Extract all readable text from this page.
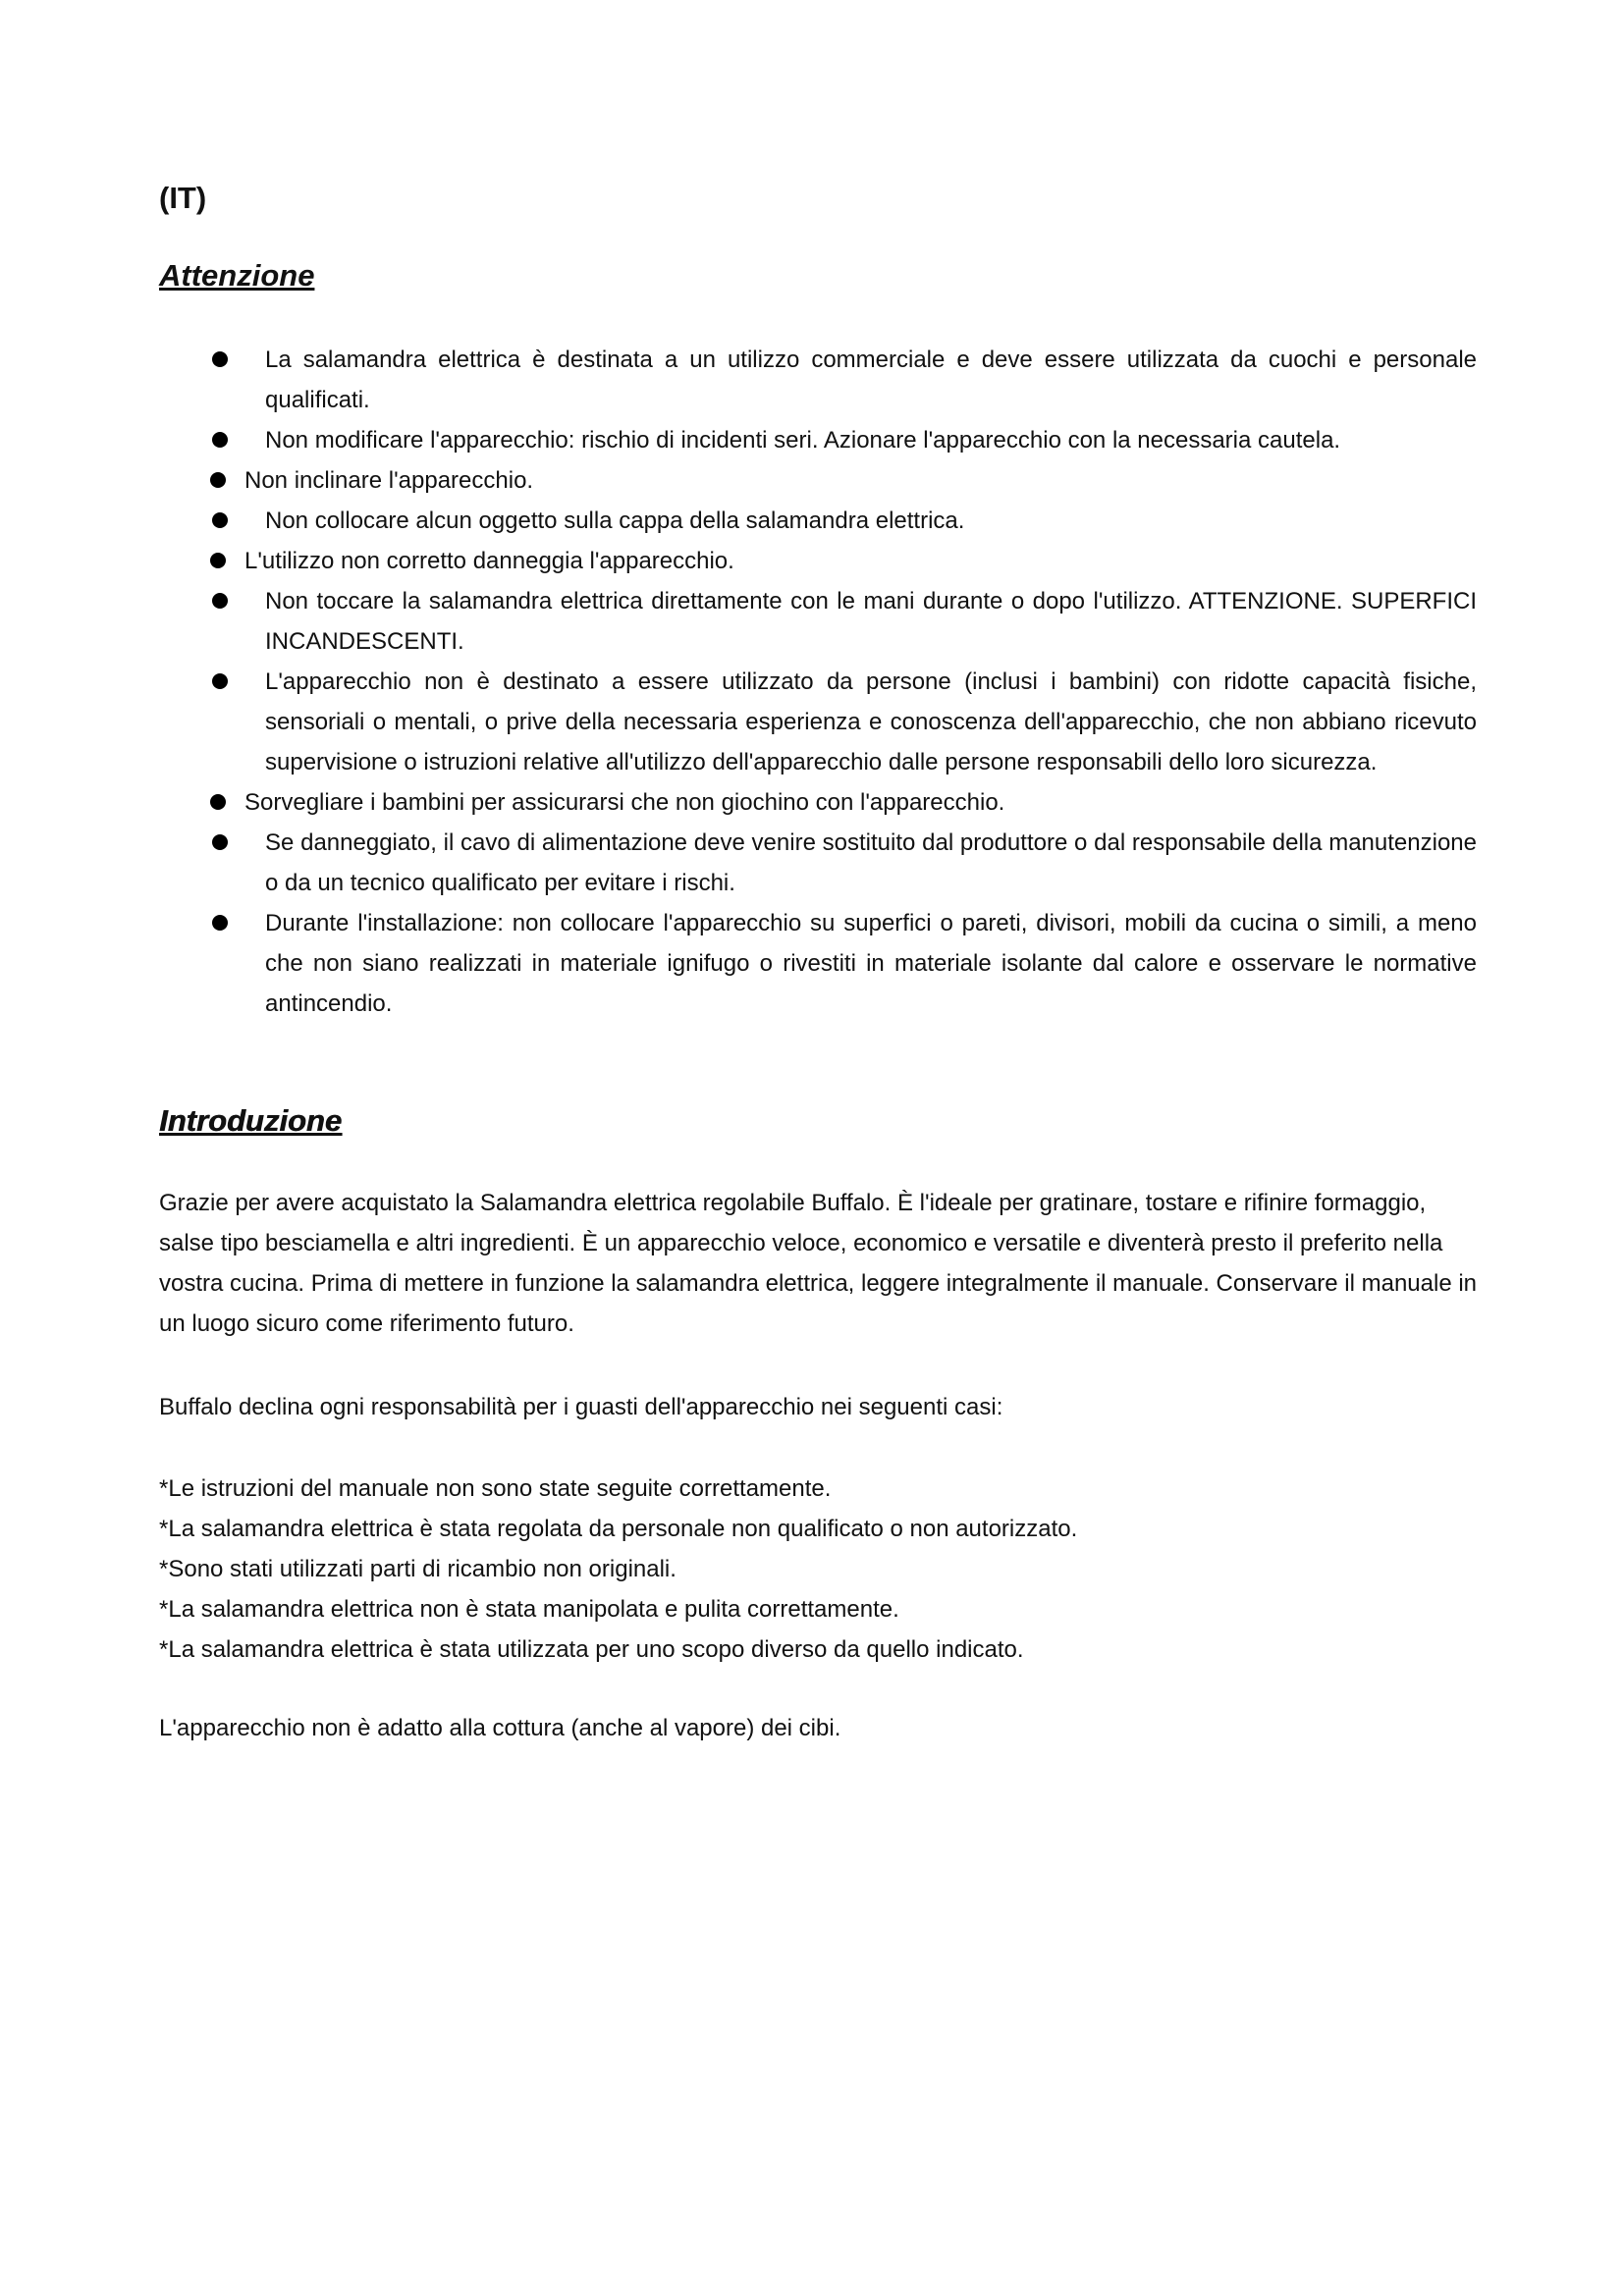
(IT)
Attenzione
La salamandra elettrica è destinata a un utilizzo commerciale e deve essere utilizzata da cuochi e personale qualificati.
Non modificare l'apparecchio: rischio di incidenti seri. Azionare l'apparecchio con la necessaria cautela.
Non inclinare l'apparecchio.
Non collocare alcun oggetto sulla cappa della salamandra elettrica.
L'utilizzo non corretto danneggia l'apparecchio.
Non toccare la salamandra elettrica direttamente con le mani durante o dopo l'utilizzo. ATTENZIONE. SUPERFICI INCANDESCENTI.
L'apparecchio non è destinato a essere utilizzato da persone (inclusi i bambini) con ridotte capacità fisiche, sensoriali o mentali, o prive della necessaria esperienza e conoscenza dell'apparecchio, che non abbiano ricevuto supervisione o istruzioni relative all'utilizzo dell'apparecchio dalle persone responsabili dello loro sicurezza.
Sorvegliare i bambini per assicurarsi che non giochino con l'apparecchio.
Se danneggiato, il cavo di alimentazione deve venire sostituito dal produttore o dal responsabile della manutenzione o da un tecnico qualificato per evitare i rischi.
Durante l'installazione: non collocare l'apparecchio su superfici o pareti, divisori, mobili da cucina o simili, a meno che non siano realizzati in materiale ignifugo o rivestiti in materiale isolante dal calore e osservare le normative antincendio.
Introduzione

Grazie per avere acquistato la Salamandra elettrica regolabile Buffalo. È l'ideale per gratinare, tostare e rifinire formaggio, salse tipo besciamella e altri ingredienti. È un apparecchio veloce, economico e versatile e diventerà presto il preferito nella vostra cucina. Prima di mettere in funzione la salamandra elettrica, leggere integralmente il manuale. Conservare il manuale in un luogo sicuro come riferimento futuro.

Buffalo declina ogni responsabilità per i guasti dell'apparecchio nei seguenti casi:

*Le istruzioni del manuale non sono state seguite correttamente.
*La salamandra elettrica è stata regolata da personale non qualificato o non autorizzato.
*Sono stati utilizzati parti di ricambio non originali.
*La salamandra elettrica non è stata manipolata e pulita correttamente.
*La salamandra elettrica è stata utilizzata per uno scopo diverso da quello indicato.

L'apparecchio non è adatto alla cottura (anche al vapore) dei cibi.
